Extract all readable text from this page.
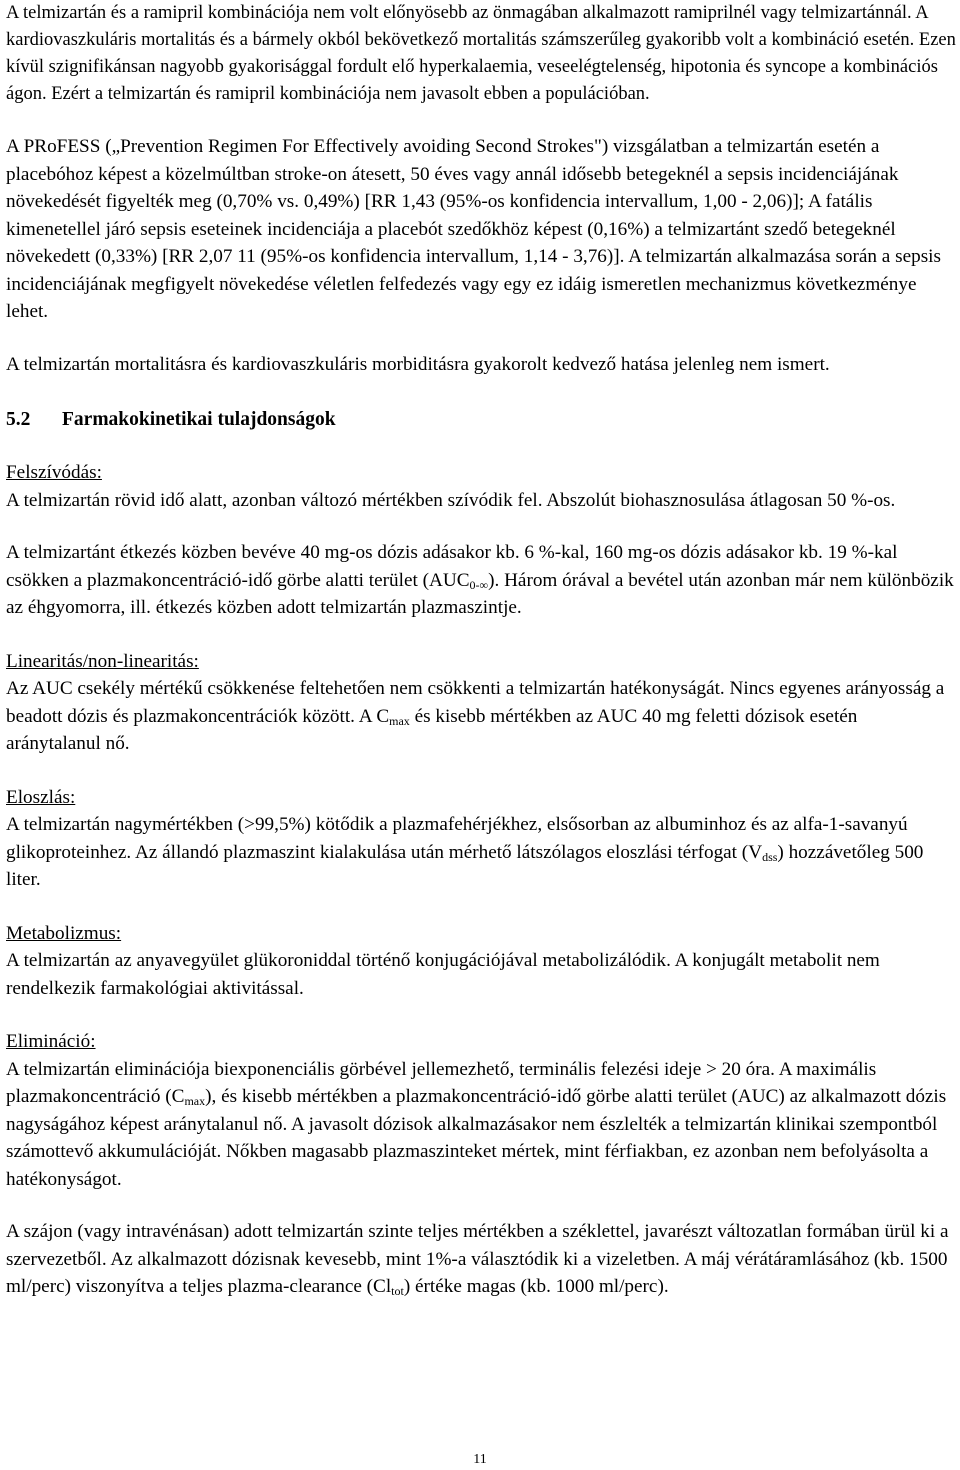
A telmizartán és a ramipril kombinációja nem volt előnyösebb az önmagában alkalmazott ramiprilnél vagy telmizartánnál. A kardiovaszkuláris mortalitás és a bármely okból bekövetkező mortalitás számszerűleg gyakoribb volt a kombináció esetén. Ezen kívül szignifikánsan nagyobb gyakorisággal fordult elő hyperkalaemia, veseelégtelenség, hipotonia és syncope a kombinációs ágon. Ezért a telmizartán és ramipril kombinációja nem javasolt ebben a populációban.

A PRoFESS („Prevention Regimen For Effectively avoiding Second Strokes") vizsgálatban a telmizartán esetén a placebóhoz képest a közelmúltban stroke-on átesett, 50 éves vagy annál idősebb betegeknél a sepsis incidenciájának növekedését figyelték meg (0,70% vs. 0,49%) [RR 1,43 (95%-os konfidencia intervallum, 1,00 - 2,06)]; A fatális kimenetellel járó sepsis eseteinek incidenciája a placebót szedőkhöz képest (0,16%) a telmizartánt szedő betegeknél növekedett (0,33%) [RR 2,07 11 (95%-os konfidencia intervallum, 1,14 - 3,76)]. A telmizartán alkalmazása során a sepsis incidenciájának megfigyelt növekedése véletlen felfedezés vagy egy ez idáig ismeretlen mechanizmus következménye lehet.

A telmizartán mortalitásra és kardiovaszkuláris morbiditásra gyakorolt kedvező hatása jelenleg nem ismert.

5.2 Farmakokinetikai tulajdonságok

Felszívódás:

A telmizartán rövid idő alatt, azonban változó mértékben szívódik fel. Abszolút biohasznosulása átlagosan 50 %-os.

A telmizartánt étkezés közben bevéve 40 mg-os dózis adásakor kb. 6 %-kal, 160 mg-os dózis adásakor kb. 19 %-kal csökken a plazmakoncentráció-idő görbe alatti terület $(AUC_{0-\infty})$. Három órával a bevétel után azonban már nem különbözik az éhgyomorra, ill. étkezés közben adott telmizartán plazmaszintje.

Linearitás/non-linearitás:

Az AUC csekély mértékű csökkenése feltehetően nem csökkenti a telmizartán hatékonyságát. Nincs egyenes arányosság a beadott dózis és plazmakoncentrációk között. A $C_{max}$ és kisebb mértékben az AUC 40 mg feletti dózisok esetén aránytalanul nő.

Eloszlás:

A telmizartán nagymértékben (>99,5%) kötődik a plazmafehérjékhez, elsősorban az albuminhoz és az alfa-1-savanyú glikoproteinhez. Az állandó plazmaszint kialakulása után mérhető látszólagos eloszlási térfogat $(V_{dss})$ hozzávetőleg 500 liter.

Metabolizmus:

A telmizartán az anyavegyület glükoroniddal történő konjugációjával metabolizálódik. A konjugált metabolit nem rendelkezik farmakológiai aktivitással.

Elimináció:

A telmizartán eliminációja biexponenciális görbével jellemezhető, terminális felezési ideje > 20 óra. A maximális plazmakoncentráció $(C_{max})$, és kisebb mértékben a plazmakoncentráció-idő görbe alatti terület (AUC) az alkalmazott dózis nagyságához képest aránytalanul nő. A javasolt dózisok alkalmazásakor nem észlelték a telmizartán klinikai szempontból számottevő akkumulációját. Nőkben magasabb plazmaszinteket mértek, mint férfiakban, ez azonban nem befolyásolta a hatékonyságot.

A szájon (vagy intravénásan) adott telmizartán szinte teljes mértékben a széklettel, javarészt változatlan formában ürül ki a szervezetből. Az alkalmazott dózisnak kevesebb, mint 1%-a választódik ki a vizeletben. A máj vérátáramlásához (kb. 1500 ml/perc) viszonyítva a teljes plazma-clearance $(Cl_{tot})$ értéke magas (kb. 1000 ml/perc).

11
